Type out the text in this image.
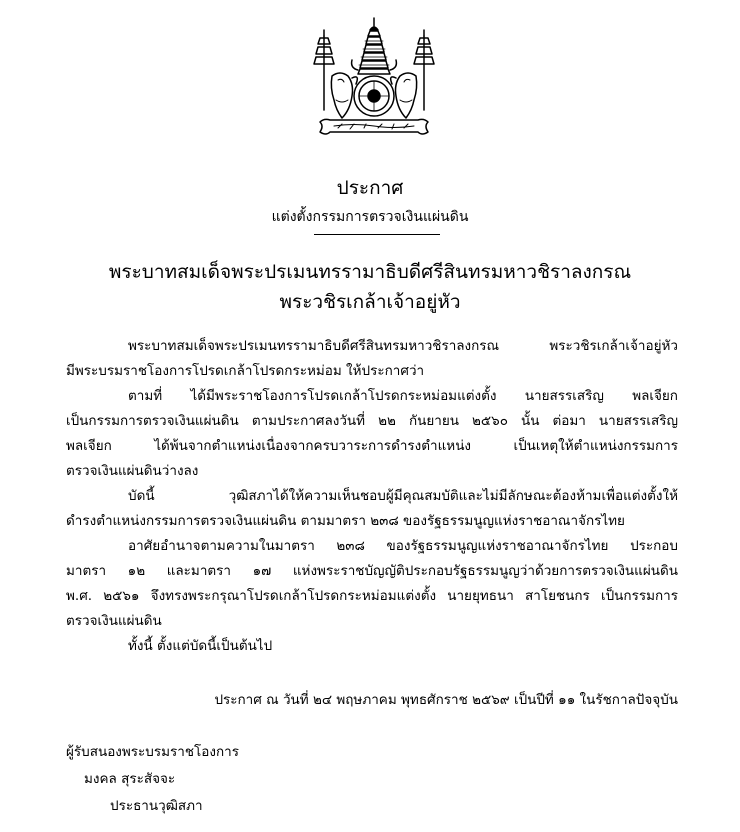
ประกาศ
แต่งตั้งกรรมการตรวจเงินแผ่นดิน
พระบาทสมเด็จพระปรเมนทรรามาธิบดีศรีสินทรมหาวชิราลงกรณ
พระวชิรเกล้าเจ้าอยู่หัว
พระบาทสมเด็จพระปรเมนทรรามาธิบดีศรีสินทรมหาวชิราลงกรณ พระวชิรเกล้าเจ้าอยู่หัว
มีพระบรมราชโองการโปรดเกล้าโปรดกระหม่อม ให้ประกาศว่า
ตามที่ ได้มีพระราชโองการโปรดเกล้าโปรดกระหม่อมแต่งตั้ง นายสรรเสริญ พลเจียก
เป็นกรรมการตรวจเงินแผ่นดิน ตามประกาศลงวันที่ ๒๒ กันยายน ๒๕๖๐ นั้น ต่อมา นายสรรเสริญ
พลเจียก ได้พ้นจากตำแหน่งเนื่องจากครบวาระการดำรงตำแหน่ง เป็นเหตุให้ตำแหน่งกรรมการ
ตรวจเงินแผ่นดินว่างลง
บัดนี้ วุฒิสภาได้ให้ความเห็นชอบผู้มีคุณสมบัติและไม่มีลักษณะต้องห้ามเพื่อแต่งตั้งให้
ดำรงตำแหน่งกรรมการตรวจเงินแผ่นดิน ตามมาตรา ๒๓๘ ของรัฐธรรมนูญแห่งราชอาณาจักรไทย
อาศัยอำนาจตามความในมาตรา ๒๓๘ ของรัฐธรรมนูญแห่งราชอาณาจักรไทย ประกอบ
มาตรา ๑๒ และมาตรา ๑๗ แห่งพระราชบัญญัติประกอบรัฐธรรมนูญว่าด้วยการตรวจเงินแผ่นดิน
พ.ศ. ๒๕๖๑ จึงทรงพระกรุณาโปรดเกล้าโปรดกระหม่อมแต่งตั้ง นายยุทธนา สาโยชนกร เป็นกรรมการ
ตรวจเงินแผ่นดิน
ทั้งนี้ ตั้งแต่บัดนี้เป็นต้นไป
ประกาศ ณ วันที่ ๒๔ พฤษภาคม พุทธศักราช ๒๕๖๙ เป็นปีที่ ๑๑ ในรัชกาลปัจจุบัน
ผู้รับสนองพระบรมราชโองการ
มงคล สุระสัจจะ
ประธานวุฒิสภา
